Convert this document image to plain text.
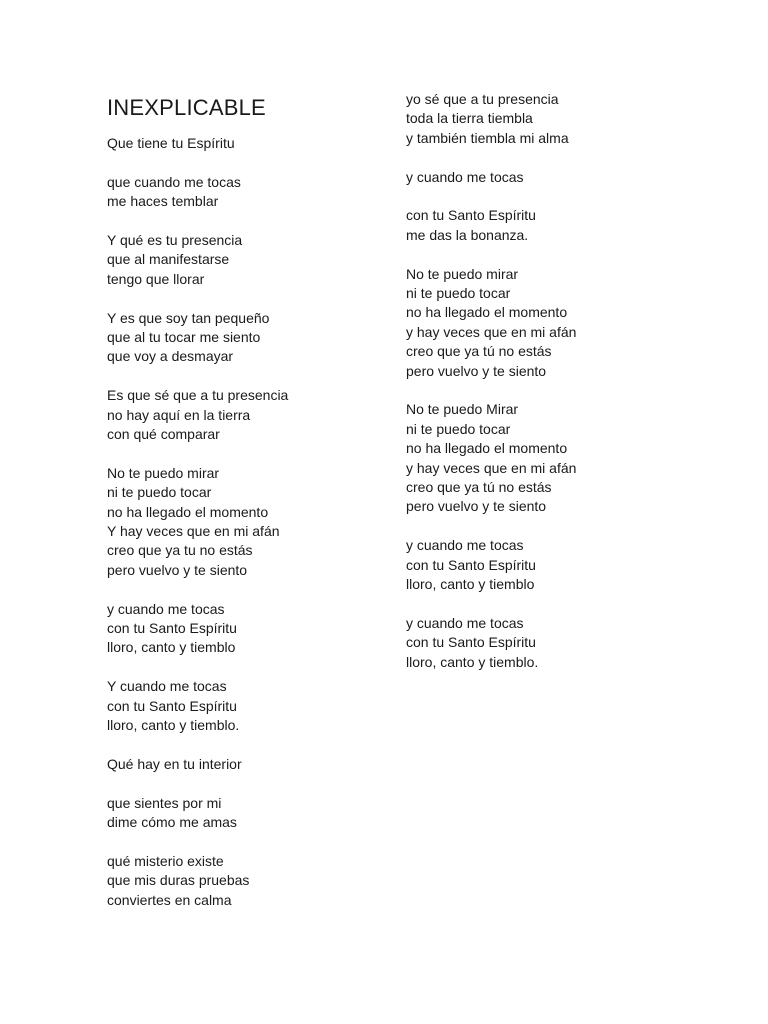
INEXPLICABLE
Que tiene tu Espíritu
que cuando me tocas
me haces temblar
Y qué es tu presencia
que al manifestarse
tengo que llorar
Y es que soy tan pequeño
que al tu tocar me siento
que voy a desmayar
Es que sé que a tu presencia
no hay aquí en la tierra
con qué comparar
No te puedo mirar
ni te puedo tocar
no ha llegado el momento
Y hay veces que en mi afán
creo que ya tu no estás
pero vuelvo y te siento
y cuando me tocas
con tu Santo Espíritu
lloro, canto y tiemblo
Y cuando me tocas
con tu Santo Espíritu
lloro, canto y tiemblo.
Qué hay en tu interior
que sientes por mi
dime cómo me amas
qué misterio existe
que mis duras pruebas
conviertes en calma
yo sé que a tu presencia
toda la tierra tiembla
y también tiembla mi alma
y cuando me tocas
con tu Santo Espíritu
me das la bonanza.
No te puedo mirar
ni te puedo tocar
no ha llegado el momento
y hay veces que en mi afán
creo que ya tú no estás
pero vuelvo y te siento
No te puedo Mirar
ni te puedo tocar
no ha llegado el momento
y hay veces que en mi afán
creo que ya tú no estás
pero vuelvo y te siento
y cuando me tocas
con tu Santo Espíritu
lloro, canto y tiemblo
y cuando me tocas
con tu Santo Espíritu
lloro, canto y tiemblo.
